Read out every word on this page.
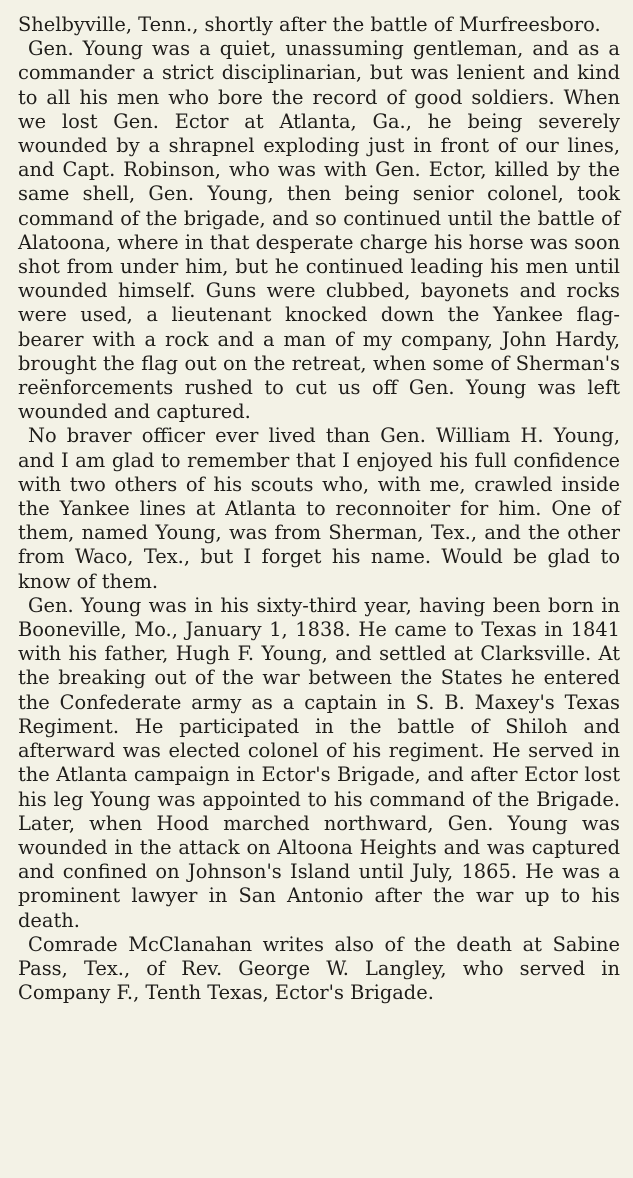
Shelbyville, Tenn., shortly after the battle of Murfreesboro.

Gen. Young was a quiet, unassuming gentleman, and as a commander a strict disciplinarian, but was lenient and kind to all his men who bore the record of good soldiers. When we lost Gen. Ector at Atlanta, Ga., he being severely wounded by a shrapnel exploding just in front of our lines, and Capt. Robinson, who was with Gen. Ector, killed by the same shell, Gen. Young, then being senior colonel, took command of the brigade, and so continued until the battle of Alatoona, where in that desperate charge his horse was soon shot from under him, but he continued leading his men until wounded himself. Guns were clubbed, bayonets and rocks were used, a lieutenant knocked down the Yankee flag-bearer with a rock and a man of my company, John Hardy, brought the flag out on the retreat, when some of Sherman's reënforcements rushed to cut us off Gen. Young was left wounded and captured.

No braver officer ever lived than Gen. William H. Young, and I am glad to remember that I enjoyed his full confidence with two others of his scouts who, with me, crawled inside the Yankee lines at Atlanta to reconnoiter for him. One of them, named Young, was from Sherman, Tex., and the other from Waco, Tex., but I forget his name. Would be glad to know of them.

Gen. Young was in his sixty-third year, having been born in Booneville, Mo., January 1, 1838. He came to Texas in 1841 with his father, Hugh F. Young, and settled at Clarksville. At the breaking out of the war between the States he entered the Confederate army as a captain in S. B. Maxey's Texas Regiment. He participated in the battle of Shiloh and afterward was elected colonel of his regiment. He served in the Atlanta campaign in Ector's Brigade, and after Ector lost his leg Young was appointed to his command of the Brigade. Later, when Hood marched northward, Gen. Young was wounded in the attack on Altoona Heights and was captured and confined on Johnson's Island until July, 1865. He was a prominent lawyer in San Antonio after the war up to his death.

Comrade McClanahan writes also of the death at Sabine Pass, Tex., of Rev. George W. Langley, who served in Company F., Tenth Texas, Ector's Brigade.
